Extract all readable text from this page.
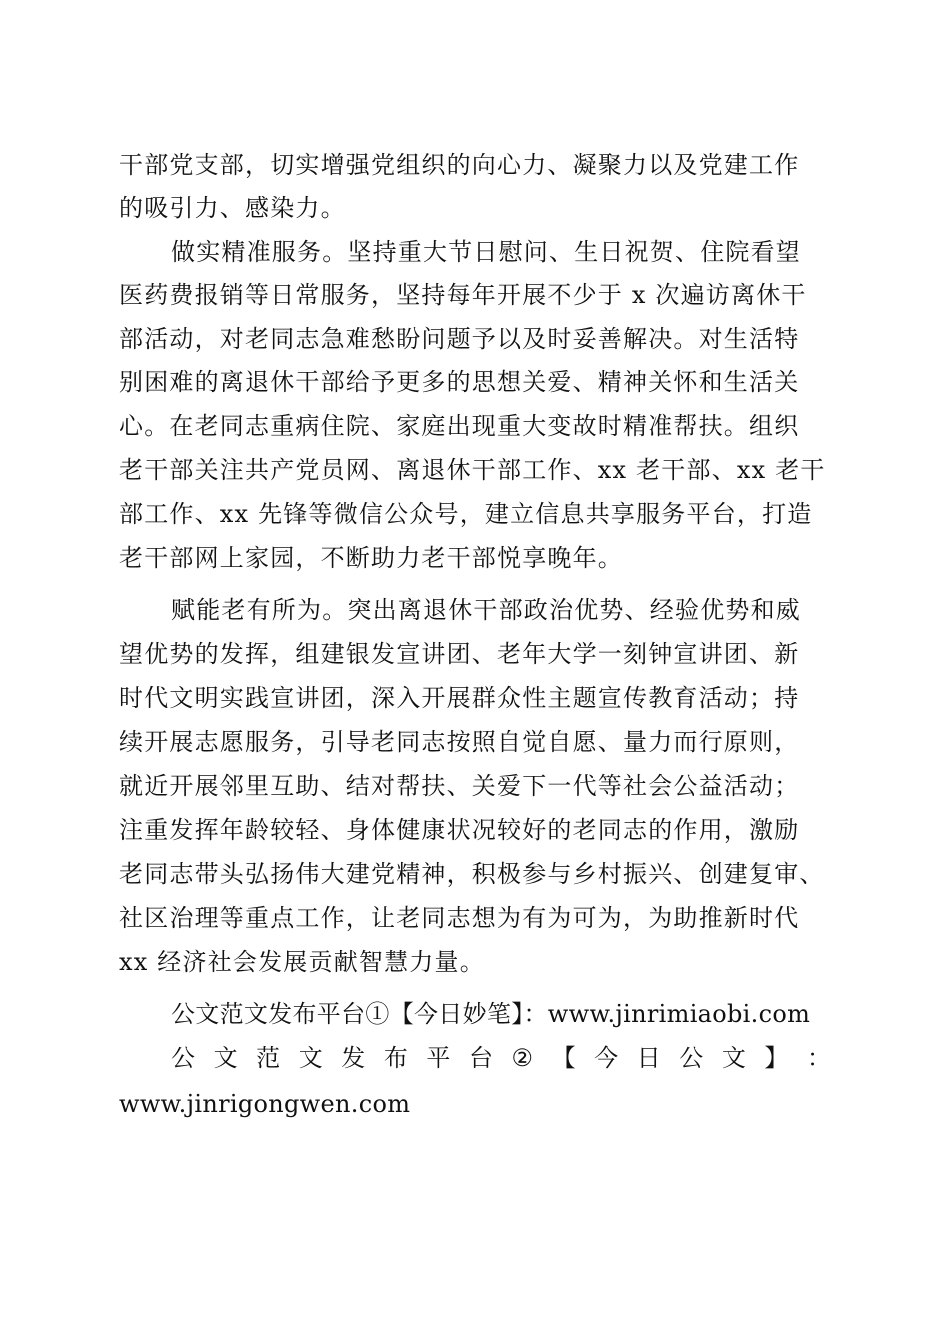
干部党支部，切实增强党组织的向心力、凝聚力以及党建工作
的吸引力、感染力。
做实精准服务。坚持重大节日慰问、生日祝贺、住院看望
医药费报销等日常服务，坚持每年开展不少于 x 次遍访离休干
部活动，对老同志急难愁盼问题予以及时妥善解决。对生活特
别困难的离退休干部给予更多的思想关爱、精神关怀和生活关
心。在老同志重病住院、家庭出现重大变故时精准帮扶。组织
老干部关注共产党员网、离退休干部工作、xx 老干部、xx 老干
部工作、xx 先锋等微信公众号，建立信息共享服务平台，打造
老干部网上家园，不断助力老干部悦享晚年。
赋能老有所为。突出离退休干部政治优势、经验优势和威
望优势的发挥，组建银发宣讲团、老年大学一刻钟宣讲团、新
时代文明实践宣讲团，深入开展群众性主题宣传教育活动；持
续开展志愿服务，引导老同志按照自觉自愿、量力而行原则，
就近开展邻里互助、结对帮扶、关爱下一代等社会公益活动；
注重发挥年龄较轻、身体健康状况较好的老同志的作用，激励
老同志带头弘扬伟大建党精神，积极参与乡村振兴、创建复审、
社区治理等重点工作，让老同志想为有为可为，为助推新时代
xx 经济社会发展贡献智慧力量。
公文范文发布平台①【今日妙笔】：www.jinrimiaobi.com
公 文 范 文 发 布 平 台 ② 【 今 日 公 文 】 ：
www.jinrigongwen.com
